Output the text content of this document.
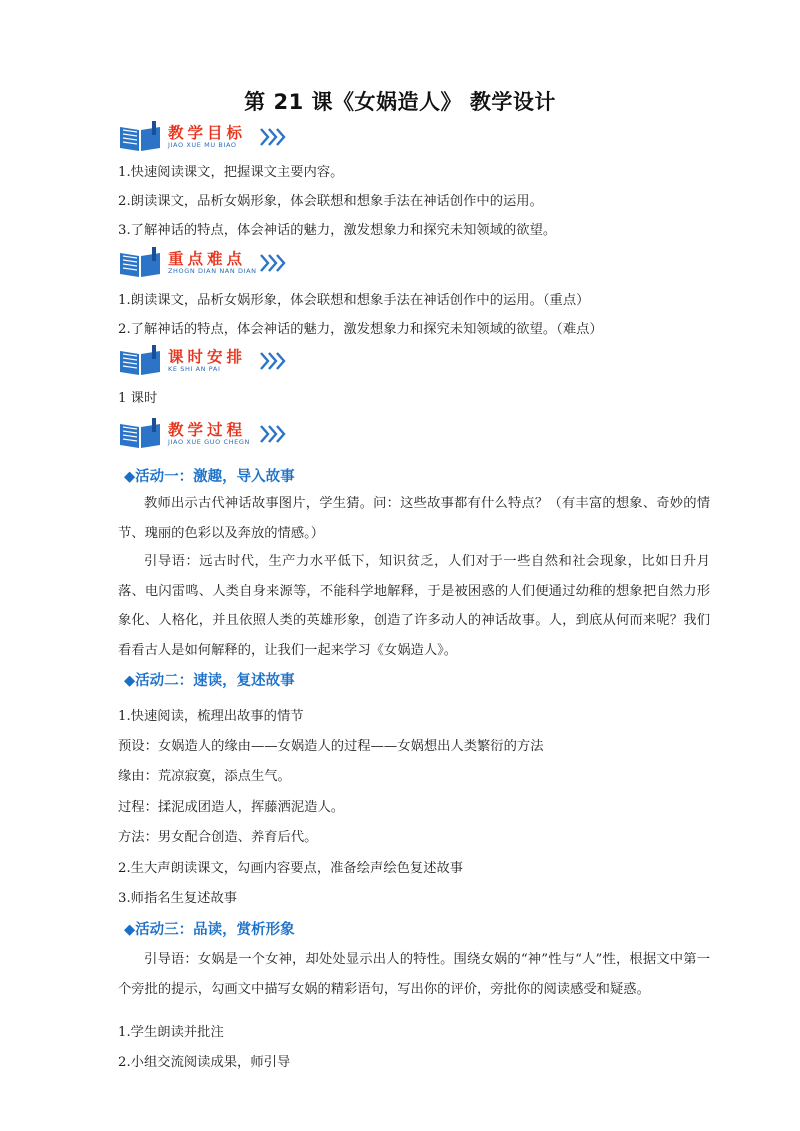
第 21 课《女娲造人》 教学设计
教学目标
JIAO XUE MU BIAO
1.快速阅读课文，把握课文主要内容。
2.朗读课文，品析女娲形象，体会联想和想象手法在神话创作中的运用。
3.了解神话的特点，体会神话的魅力，激发想象力和探究未知领域的欲望。
重点难点
ZHOGN DIAN NAN DIAN
1.朗读课文，品析女娲形象，体会联想和想象手法在神话创作中的运用。（重点）
2.了解神话的特点，体会神话的魅力，激发想象力和探究未知领域的欲望。（难点）
课时安排
KE SHI AN PAI
1 课时
教学过程
JIAO XUE GUO CHEGN
◆活动一：激趣，导入故事
教师出示古代神话故事图片，学生猜。问：这些故事都有什么特点？（有丰富的想象、奇妙的情节、瑰丽的色彩以及奔放的情感。）
引导语：远古时代，生产力水平低下，知识贫乏，人们对于一些自然和社会现象，比如日升月落、电闪雷鸣、人类自身来源等，不能科学地解释，于是被困惑的人们便通过幼稚的想象把自然力形象化、人格化，并且依照人类的英雄形象，创造了许多动人的神话故事。人，到底从何而来呢？我们看看古人是如何解释的，让我们一起来学习《女娲造人》。
◆活动二：速读，复述故事
1.快速阅读，梳理出故事的情节
预设：女娲造人的缘由——女娲造人的过程——女娲想出人类繁衍的方法
缘由：荒凉寂寞，添点生气。
过程：揉泥成团造人，挥藤洒泥造人。
方法：男女配合创造、养育后代。
2.生大声朗读课文，勾画内容要点，准备绘声绘色复述故事
3.师指名生复述故事
◆活动三：品读，赏析形象
引导语：女娲是一个女神，却处处显示出人的特性。围绕女娲的“神”性与“人”性，根据文中第一个旁批的提示，勾画文中描写女娲的精彩语句，写出你的评价，旁批你的阅读感受和疑惑。
1.学生朗读并批注
2.小组交流阅读成果，师引导
